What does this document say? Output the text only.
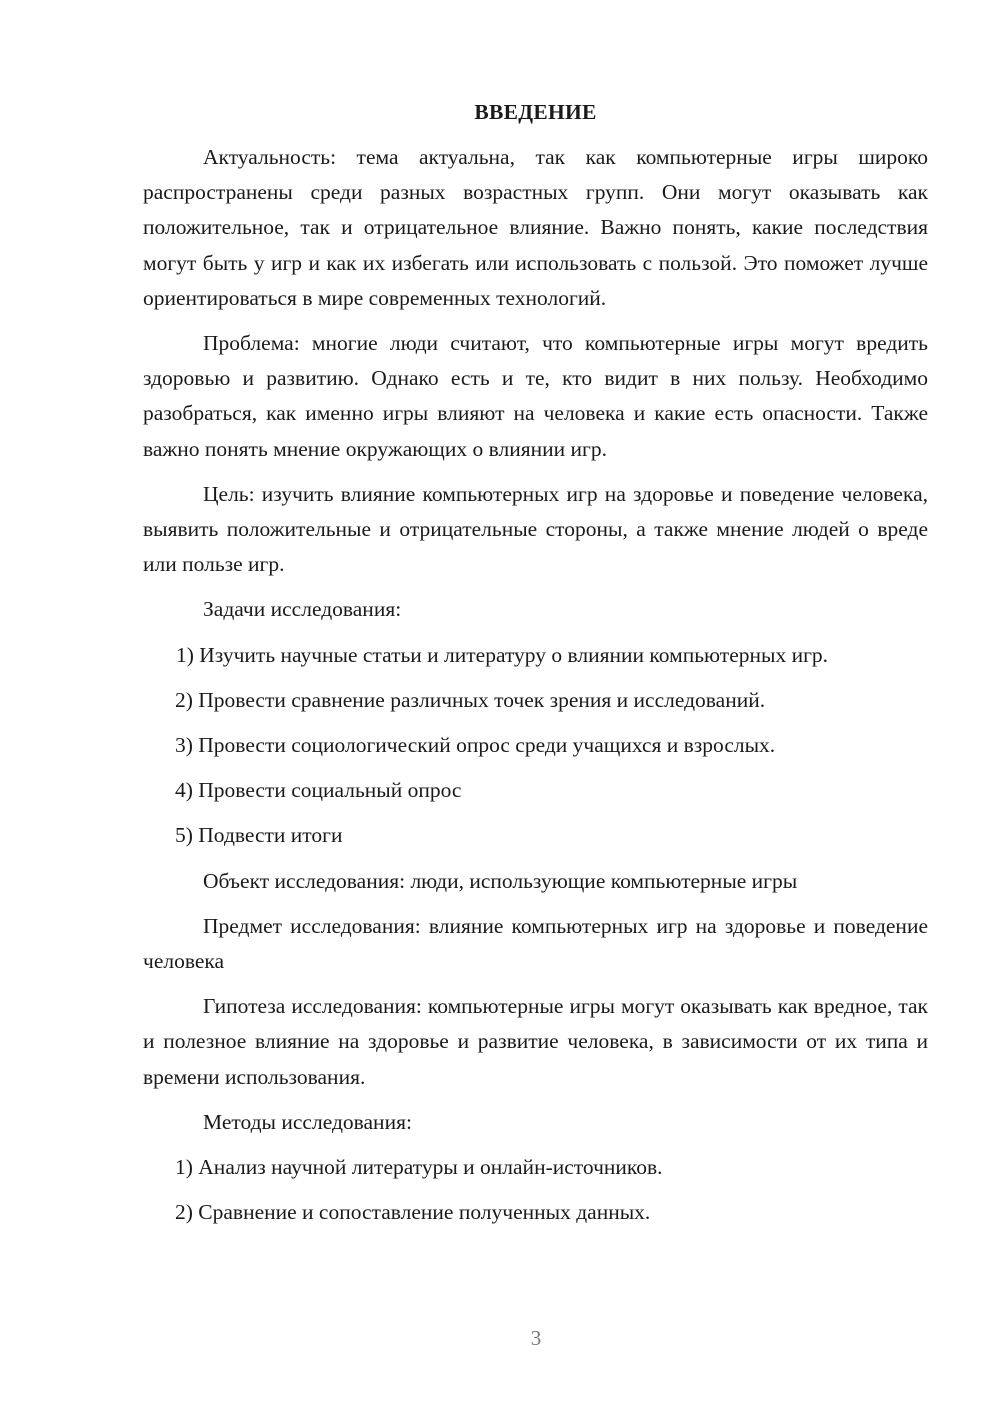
ВВЕДЕНИЕ

Актуальность: тема актуальна, так как компьютерные игры широко распространены среди разных возрастных групп. Они могут оказывать как положительное, так и отрицательное влияние. Важно понять, какие последствия могут быть у игр и как их избегать или использовать с пользой. Это поможет лучше ориентироваться в мире современных технологий.

Проблема: многие люди считают, что компьютерные игры могут вредить здоровью и развитию. Однако есть и те, кто видит в них пользу. Необходимо разобраться, как именно игры влияют на человека и какие есть опасности. Также важно понять мнение окружающих о влиянии игр.

Цель: изучить влияние компьютерных игр на здоровье и поведение человека, выявить положительные и отрицательные стороны, а также мнение людей о вреде или пользе игр.

Задачи исследования:

1) Изучить научные статьи и литературу о влиянии компьютерных игр.

2) Провести сравнение различных точек зрения и исследований.

3) Провести социологический опрос среди учащихся и взрослых.

4) Провести социальный опрос

5) Подвести итоги

Объект исследования: люди, использующие компьютерные игры

Предмет исследования: влияние компьютерных игр на здоровье и поведение человека

Гипотеза исследования: компьютерные игры могут оказывать как вредное, так и полезное влияние на здоровье и развитие человека, в зависимости от их типа и времени использования.

Методы исследования:

1) Анализ научной литературы и онлайн-источников.

2) Сравнение и сопоставление полученных данных.

3
